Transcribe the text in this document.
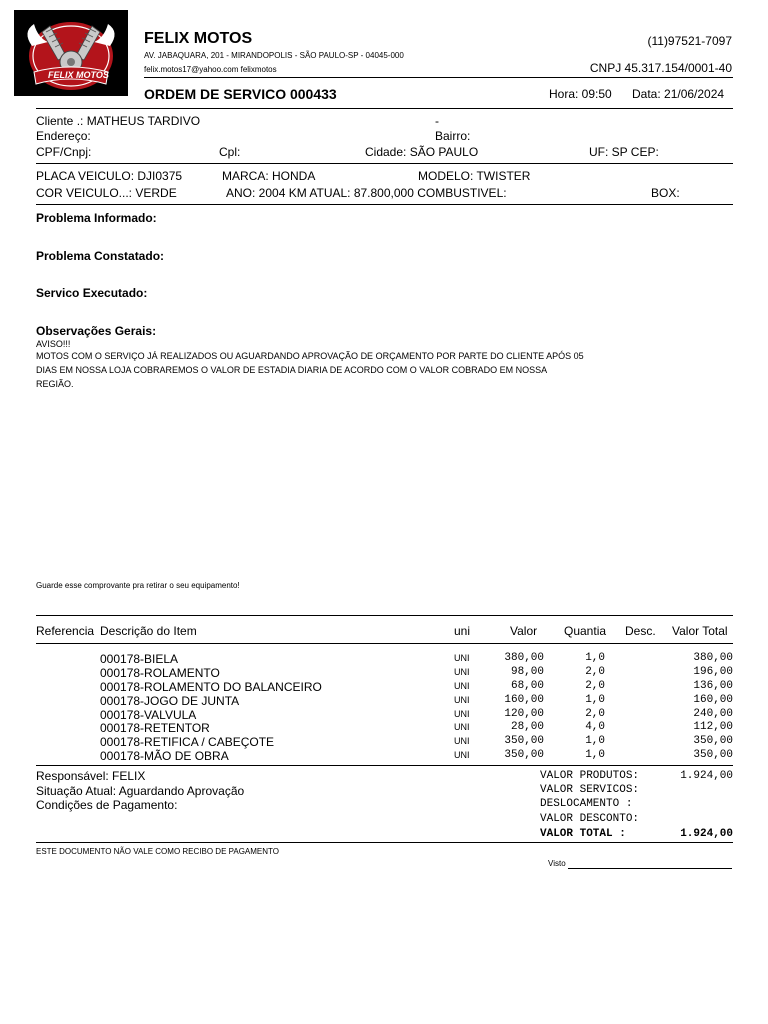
FELIX MOTOS
FELIX MOTOS
AV. JABAQUARA, 201 - MIRANDOPOLIS - SÃO PAULO-SP - 04045-000
felix.motos17@yahoo.com felixmotos
(11)97521-7097
CNPJ 45.317.154/0001-40
ORDEM DE SERVICO 000433	Hora: 09:50 Data: 21/06/2024
Cliente .: MATHEUS TARDIVO	-
Endereço:	Bairro:
CPF/Cnpj:	Cpl:	Cidade: SÃO PAULO	UF: SP CEP:
PLACA VEICULO: DJI0375	MARCA: HONDA	MODELO: TWISTER
COR VEICULO...: VERDE	ANO: 2004 KM ATUAL: 87.800,000 COMBUSTIVEL:	BOX:
Problema Informado:
Problema Constatado:
Servico Executado:
Observações Gerais:
AVISO!!!
MOTOS COM O SERVIÇO JÁ REALIZADOS OU AGUARDANDO APROVAÇÃO DE ORÇAMENTO POR PARTE DO CLIENTE APÓS 05
DIAS EM NOSSA LOJA COBRAREMOS O VALOR DE ESTADIA DIARIA DE ACORDO COM O VALOR COBRADO EM NOSSA
REGIÃO.
Guarde esse comprovante pra retirar o seu equipamento!
Referencia Descrição do Item	uni	Valor Quantia Desc. Valor Total
000178-BIELA	UNI	380,00	1,0	380,00
000178-ROLAMENTO	UNI	98,00	2,0	196,00
000178-ROLAMENTO DO BALANCEIRO	UNI	68,00	2,0	136,00
000178-JOGO DE JUNTA	UNI	160,00	1,0	160,00
000178-VALVULA	UNI	120,00	2,0	240,00
000178-RETENTOR	UNI	28,00	4,0	112,00
000178-RETIFICA / CABEÇOTE	UNI	350,00	1,0	350,00
000178-MÃO DE OBRA	UNI	350,00	1,0	350,00
Responsável: FELIX
Situação Atual: Aguardando Aprovação
Condições de Pagamento:
VALOR PRODUTOS:	1.924,00
VALOR SERVICOS:
DESLOCAMENTO :
VALOR DESCONTO:
VALOR TOTAL :	1.924,00
ESTE DOCUMENTO NÃO VALE COMO RECIBO DE PAGAMENTO
Visto
